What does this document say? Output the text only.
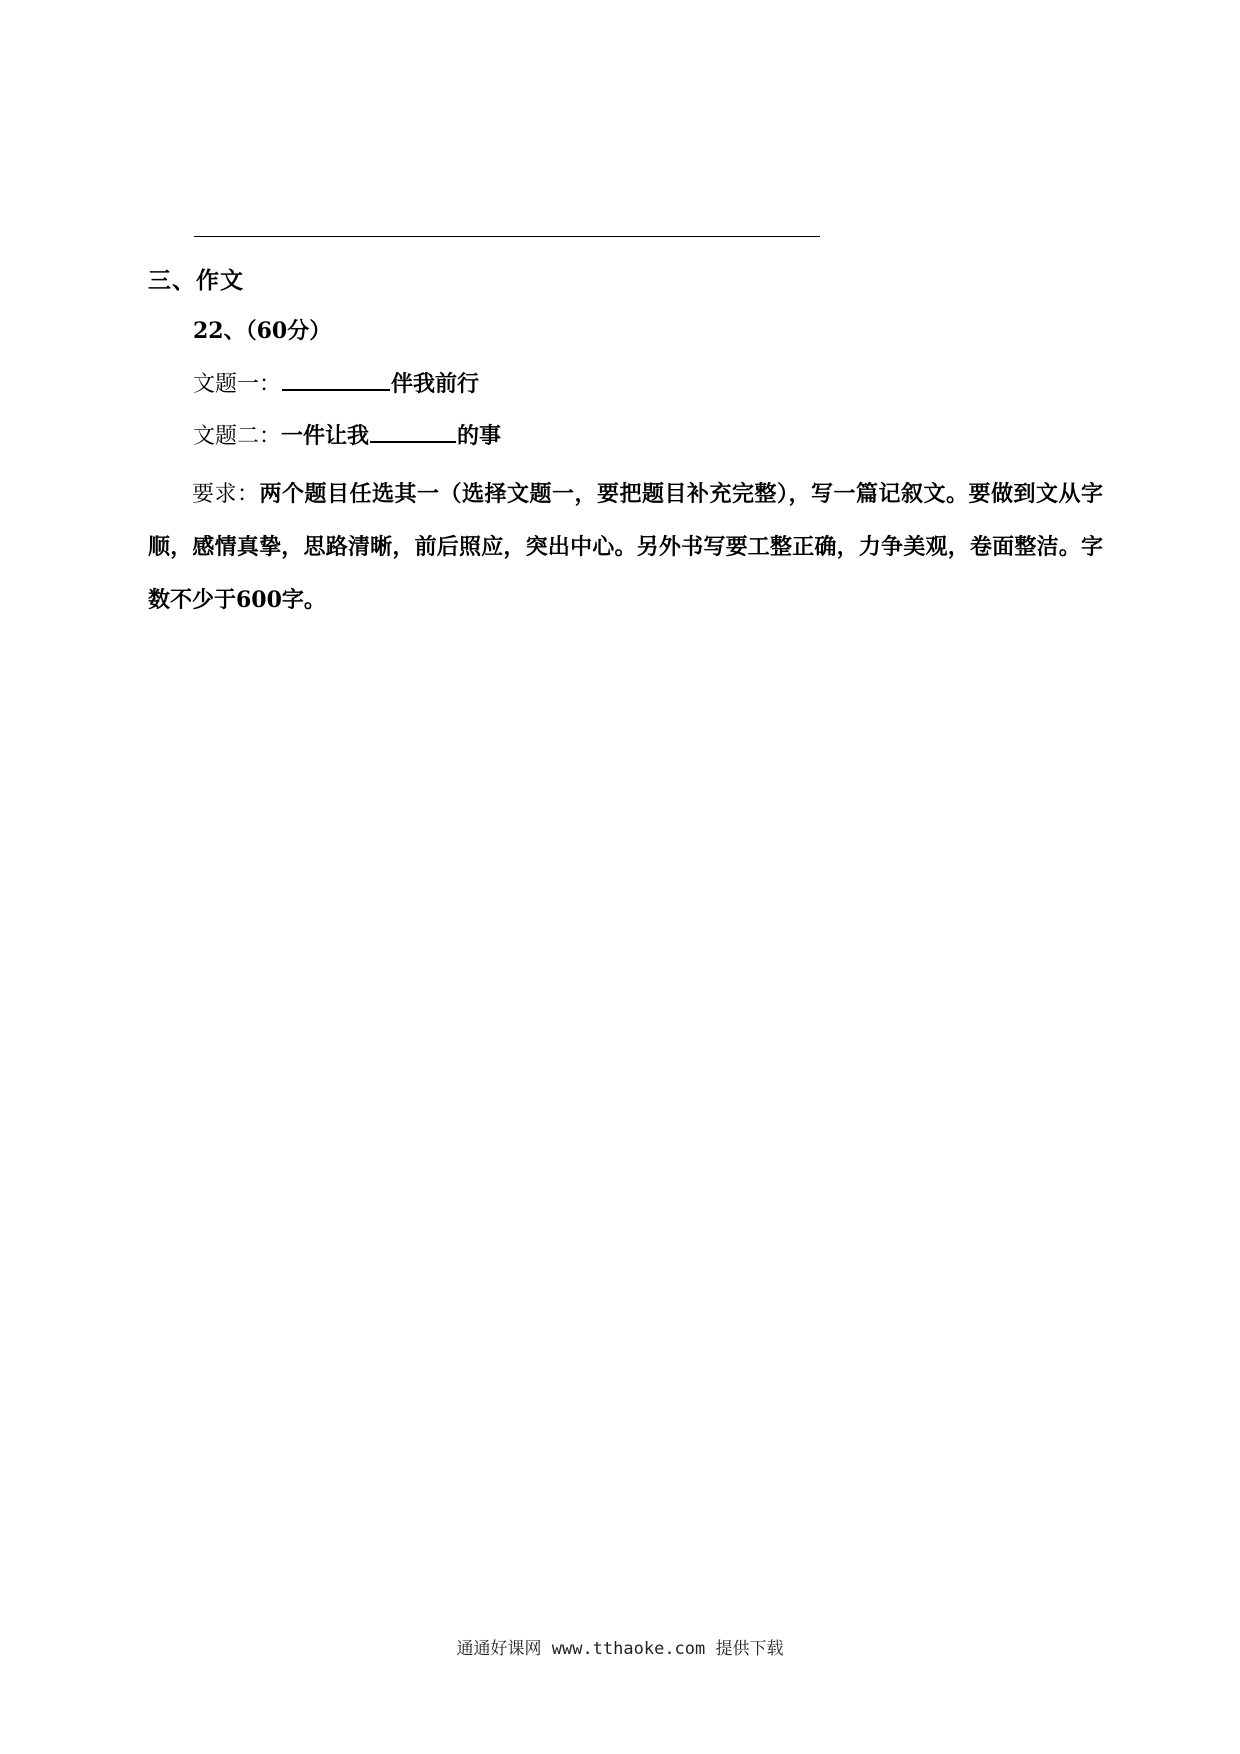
三、作文
22、（60分）
文题一：	伴我前行
文题二：一件让我	的事

要求：两个题目任选其一（选择文题一，要把题目补充完整），写一篇记叙文。要做到文从字顺，感情真挚，思路清晰，前后照应，突出中心。另外书写要工整正确，力争美观，卷面整洁。字数不少于600字。

通通好课网 www.tthaoke.com 提供下载
